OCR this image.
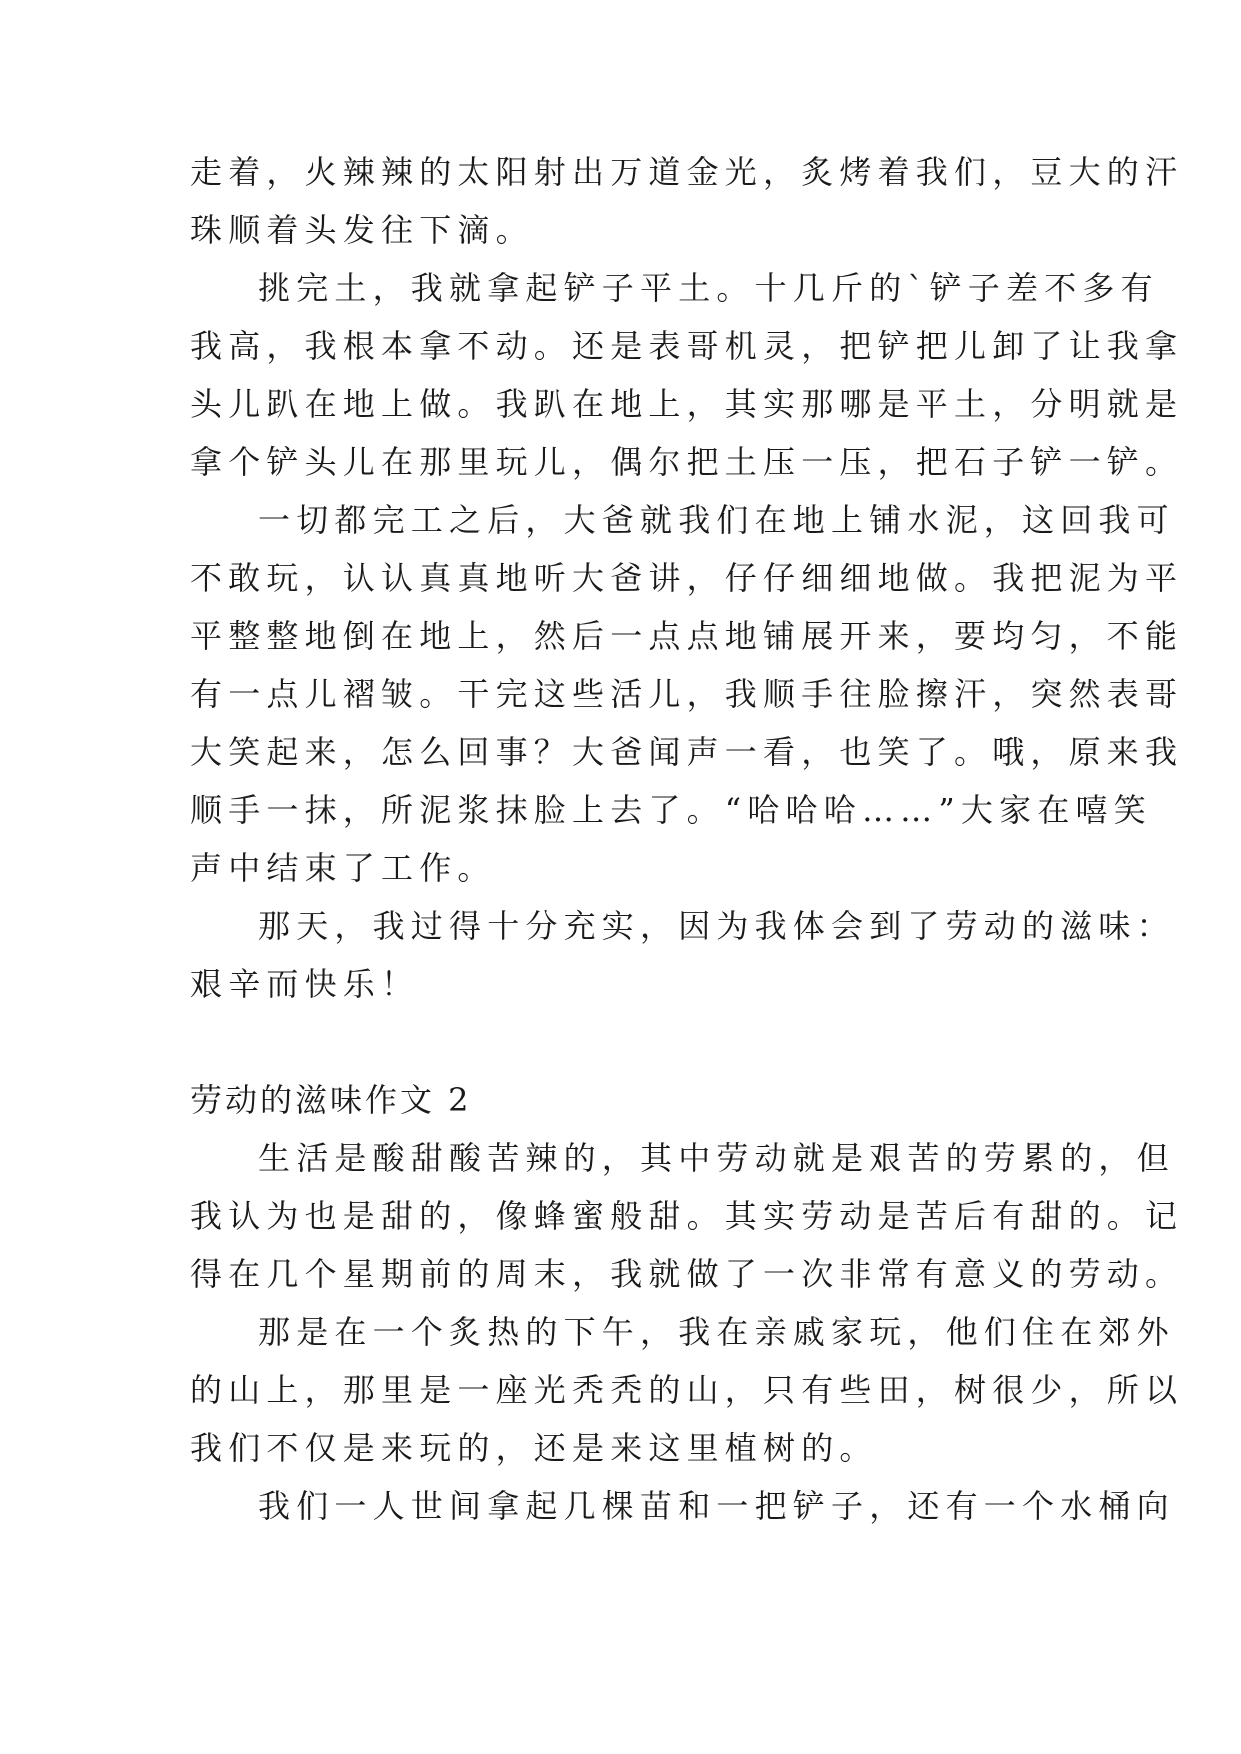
走着，火辣辣的太阳射出万道金光，炙烤着我们，豆大的汗
珠顺着头发往下滴。
挑完土，我就拿起铲子平土。十几斤的`铲子差不多有
我高，我根本拿不动。还是表哥机灵，把铲把儿卸了让我拿
头儿趴在地上做。我趴在地上，其实那哪是平土，分明就是
拿个铲头儿在那里玩儿，偶尔把土压一压，把石子铲一铲。
一切都完工之后，大爸就我们在地上铺水泥，这回我可
不敢玩，认认真真地听大爸讲，仔仔细细地做。我把泥为平
平整整地倒在地上，然后一点点地铺展开来，要均匀，不能
有一点儿褶皱。干完这些活儿，我顺手往脸擦汗，突然表哥
大笑起来，怎么回事？大爸闻声一看，也笑了。哦，原来我
顺手一抹，所泥浆抹脸上去了。“哈哈哈……”大家在嘻笑
声中结束了工作。
那天，我过得十分充实，因为我体会到了劳动的滋味：
艰辛而快乐！
劳动的滋味作文 2
生活是酸甜酸苦辣的，其中劳动就是艰苦的劳累的，但
我认为也是甜的，像蜂蜜般甜。其实劳动是苦后有甜的。记
得在几个星期前的周末，我就做了一次非常有意义的劳动。
那是在一个炙热的下午，我在亲戚家玩，他们住在郊外
的山上，那里是一座光秃秃的山，只有些田，树很少，所以
我们不仅是来玩的，还是来这里植树的。
我们一人世间拿起几棵苗和一把铲子，还有一个水桶向
